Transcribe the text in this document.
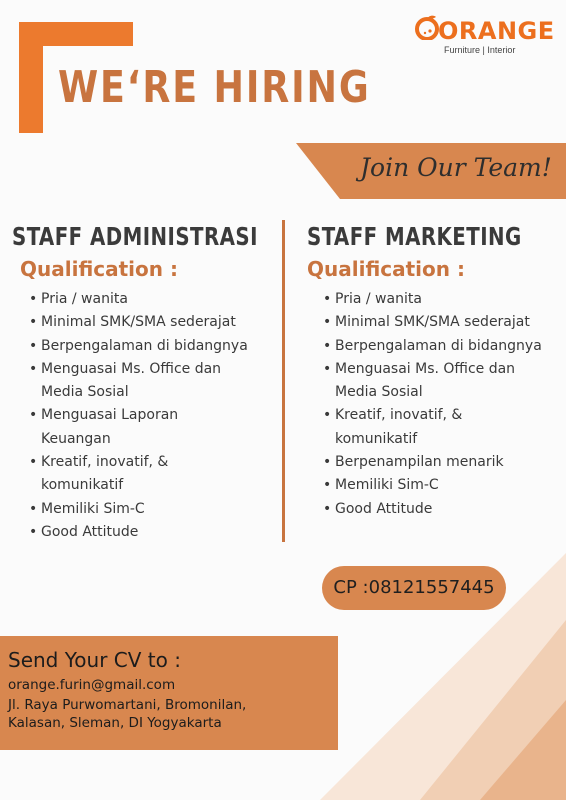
WE‘RE HIRING
ORANGE
Furniture | Interior
Join Our Team!
STAFF ADMINISTRASI
Qualification :
• Pria / wanita
• Minimal SMK/SMA sederajat
• Berpengalaman di bidangnya
• Menguasai Ms. Office dan
Media Sosial
• Menguasai Laporan
Keuangan
• Kreatif, inovatif, &
komunikatif
• Memiliki Sim-C
• Good Attitude
STAFF MARKETING
Qualification :
• Pria / wanita
• Minimal SMK/SMA sederajat
• Berpengalaman di bidangnya
• Menguasai Ms. Office dan
Media Sosial
• Kreatif, inovatif, &
komunikatif
• Berpenampilan menarik
• Memiliki Sim-C
• Good Attitude
CP :08121557445
Send Your CV to :
orange.furin@gmail.com
Jl. Raya Purwomartani, Bromonilan,
Kalasan, Sleman, DI Yogyakarta
